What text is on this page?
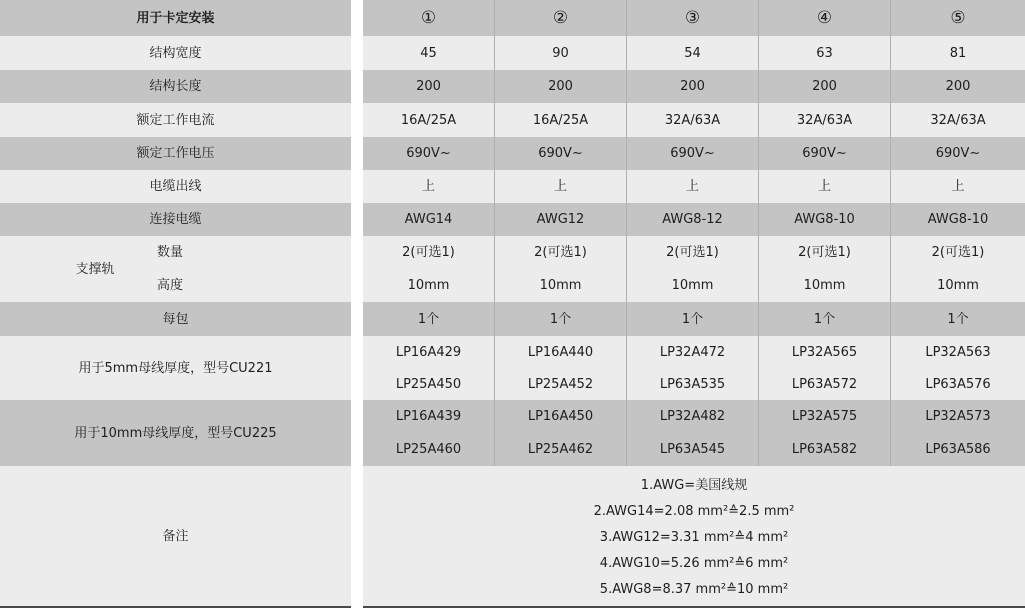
用于卡定安装
结构宽度
结构长度
额定工作电流
额定工作电压
电缆出线
连接电缆
支撑轨
数量
高度
每包
用于5mm母线厚度，型号CU221
用于10mm母线厚度，型号CU225
备注
①
45
200
16A/25A
690V~
上
AWG14
2(可选1)
10mm
1个
LP16A429
LP25A450
LP16A439
LP25A460
②
90
200
16A/25A
690V~
上
AWG12
2(可选1)
10mm
1个
LP16A440
LP25A452
LP16A450
LP25A462
③
54
200
32A/63A
690V~
上
AWG8-12
2(可选1)
10mm
1个
LP32A472
LP63A535
LP32A482
LP63A545
④
63
200
32A/63A
690V~
上
AWG8-10
2(可选1)
10mm
1个
LP32A565
LP63A572
LP32A575
LP63A582
⑤
81
200
32A/63A
690V~
上
AWG8-10
2(可选1)
10mm
1个
LP32A563
LP63A576
LP32A573
LP63A586
1.AWG=美国线规
2.AWG14=2.08 mm²≙2.5 mm²
3.AWG12=3.31 mm²≙4 mm²
4.AWG10=5.26 mm²≙6 mm²
5.AWG8=8.37 mm²≙10 mm²
